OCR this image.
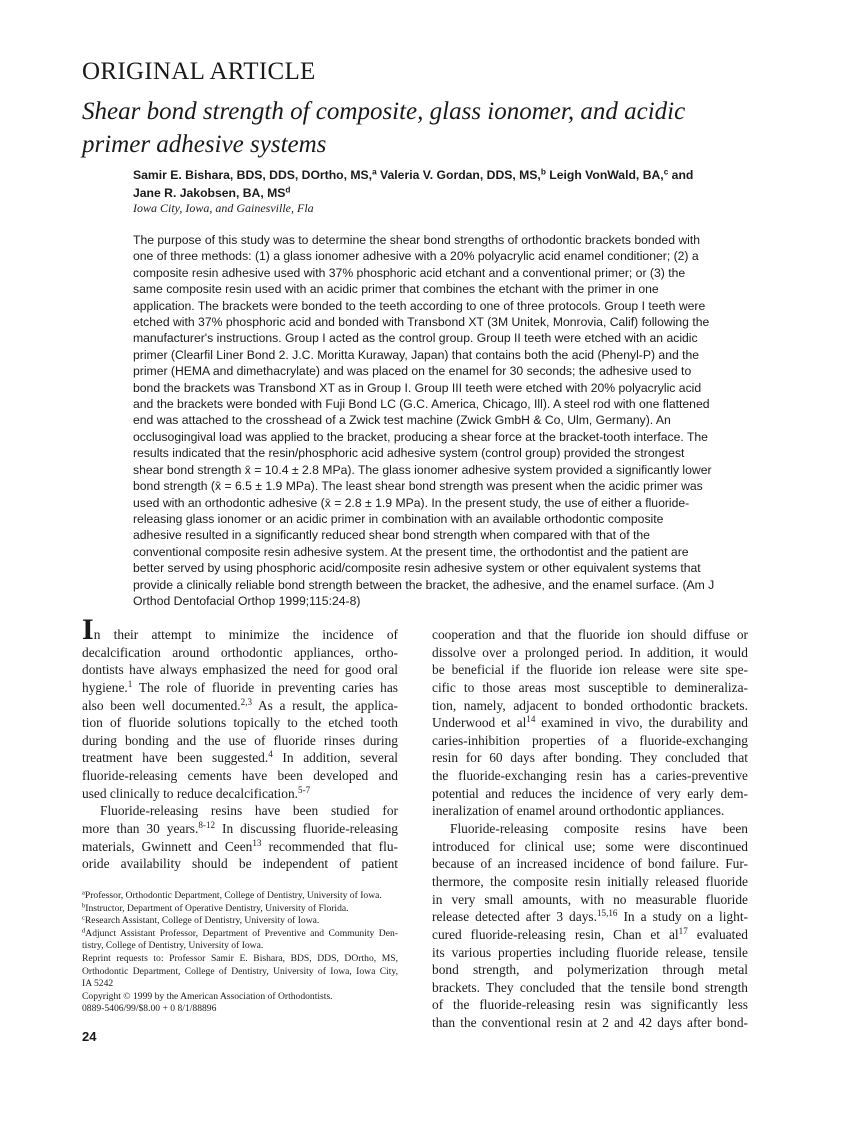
ORIGINAL ARTICLE
Shear bond strength of composite, glass ionomer, and acidic
primer adhesive systems
Samir E. Bishara, BDS, DDS, DOrtho, MS,$^a$ Valeria V. Gordan, DDS, MS,$^b$ Leigh VonWald, BA,$^c$ and
Jane R. Jakobsen, BA, $MS^d$
Iowa City, Iowa, and Gainesville, Fla
The purpose of this study was to determine the shear bond strengths of orthodontic brackets bonded with
one of three methods: (1) a glass ionomer adhesive with a 20% polyacrylic acid enamel conditioner; (2) a
composite resin adhesive used with 37% phosphoric acid etchant and a conventional primer; or (3) the
same composite resin used with an acidic primer that combines the etchant with the primer in one
application. The brackets were bonded to the teeth according to one of three protocols. Group I teeth were
etched with 37% phosphoric acid and bonded with Transbond XT (3M Unitek, Monrovia, Calif) following the
manufacturer's instructions. Group I acted as the control group. Group II teeth were etched with an acidic
primer (Clearfil Liner Bond 2. J.C. Moritta Kuraway, Japan) that contains both the acid (Phenyl-P) and the
primer (HEMA and dimethacrylate) and was placed on the enamel for 30 seconds; the adhesive used to
bond the brackets was Transbond XT as in Group I. Group III teeth were etched with 20% polyacrylic acid
and the brackets were bonded with Fuji Bond LC (G.C. America, Chicago, Ill). A steel rod with one flattened
end was attached to the crosshead of a Zwick test machine (Zwick GmbH & Co, Ulm, Germany). An
occlusogingival load was applied to the bracket, producing a shear force at the bracket-tooth interface. The
results indicated that the resin/phosphoric acid adhesive system (control group) provided the strongest
shear bond strength x̄ = 10.4 ± 2.8 MPa). The glass ionomer adhesive system provided a significantly lower
bond strength (x̄ = 6.5 ± 1.9 MPa). The least shear bond strength was present when the acidic primer was
used with an orthodontic adhesive (x̄ = 2.8 ± 1.9 MPa). In the present study, the use of either a fluoride-
releasing glass ionomer or an acidic primer in combination with an available orthodontic composite
adhesive resulted in a significantly reduced shear bond strength when compared with that of the
conventional composite resin adhesive system. At the present time, the orthodontist and the patient are
better served by using phosphoric acid/composite resin adhesive system or other equivalent systems that
provide a clinically reliable bond strength between the bracket, the adhesive, and the enamel surface. (Am J
Orthod Dentofacial Orthop 1999;115:24-8)
In their attempt to minimize the incidence of
decalcification around orthodontic appliances, ortho-
dontists have always emphasized the need for good oral
hygiene.$^1$ The role of fluoride in preventing caries has
also been well documented.$^{2,3}$ As a result, the applica-
tion of fluoride solutions topically to the etched tooth
during bonding and the use of fluoride rinses during
treatment have been suggested.$^4$ In addition, several
fluoride-releasing cements have been developed and
used clinically to reduce decalcification.$^{5-7}$
Fluoride-releasing resins have been studied for
more than 30 years.$^{8-12}$ In discussing fluoride-releasing
materials, Gwinnett and Ceen$^{13}$ recommended that flu-
oride availability should be independent of patient
cooperation and that the fluoride ion should diffuse or
dissolve over a prolonged period. In addition, it would
be beneficial if the fluoride ion release were site spe-
cific to those areas most susceptible to demineraliza-
tion, namely, adjacent to bonded orthodontic brackets.
Underwood et $al^{14}$ examined in vivo, the durability and
caries-inhibition properties of a fluoride-exchanging
resin for 60 days after bonding. They concluded that
the fluoride-exchanging resin has a caries-preventive
potential and reduces the incidence of very early dem-
ineralization of enamel around orthodontic appliances.
Fluoride-releasing composite resins have been
introduced for clinical use; some were discontinued
because of an increased incidence of bond failure. Fur-
thermore, the composite resin initially released fluoride
in very small amounts, with no measurable fluoride
release detected after 3 days.$^{15,16}$ In a study on a light-
cured fluoride-releasing resin, Chan et $al^{17}$ evaluated
its various properties including fluoride release, tensile
bond strength, and polymerization through metal
brackets. They concluded that the tensile bond strength
of the fluoride-releasing resin was significantly less
than the conventional resin at 2 and 42 days after bond-
$^a$Professor, Orthodontic Department, College of Dentistry, University of Iowa.
$^b$Instructor, Department of Operative Dentistry, University of Florida.
$^c$Research Assistant, College of Dentistry, University of Iowa.
$^d$Adjunct Assistant Professor, Department of Preventive and Community Den-
tistry, College of Dentistry, University of Iowa.
Reprint requests to: Professor Samir E. Bishara, BDS, DDS, DOrtho, MS,
Orthodontic Department, College of Dentistry, University of Iowa, Iowa City,
IA 5242
Copyright © 1999 by the American Association of Orthodontists.
0889-5406/99/$8.00 + 0 8/1/88896
24
